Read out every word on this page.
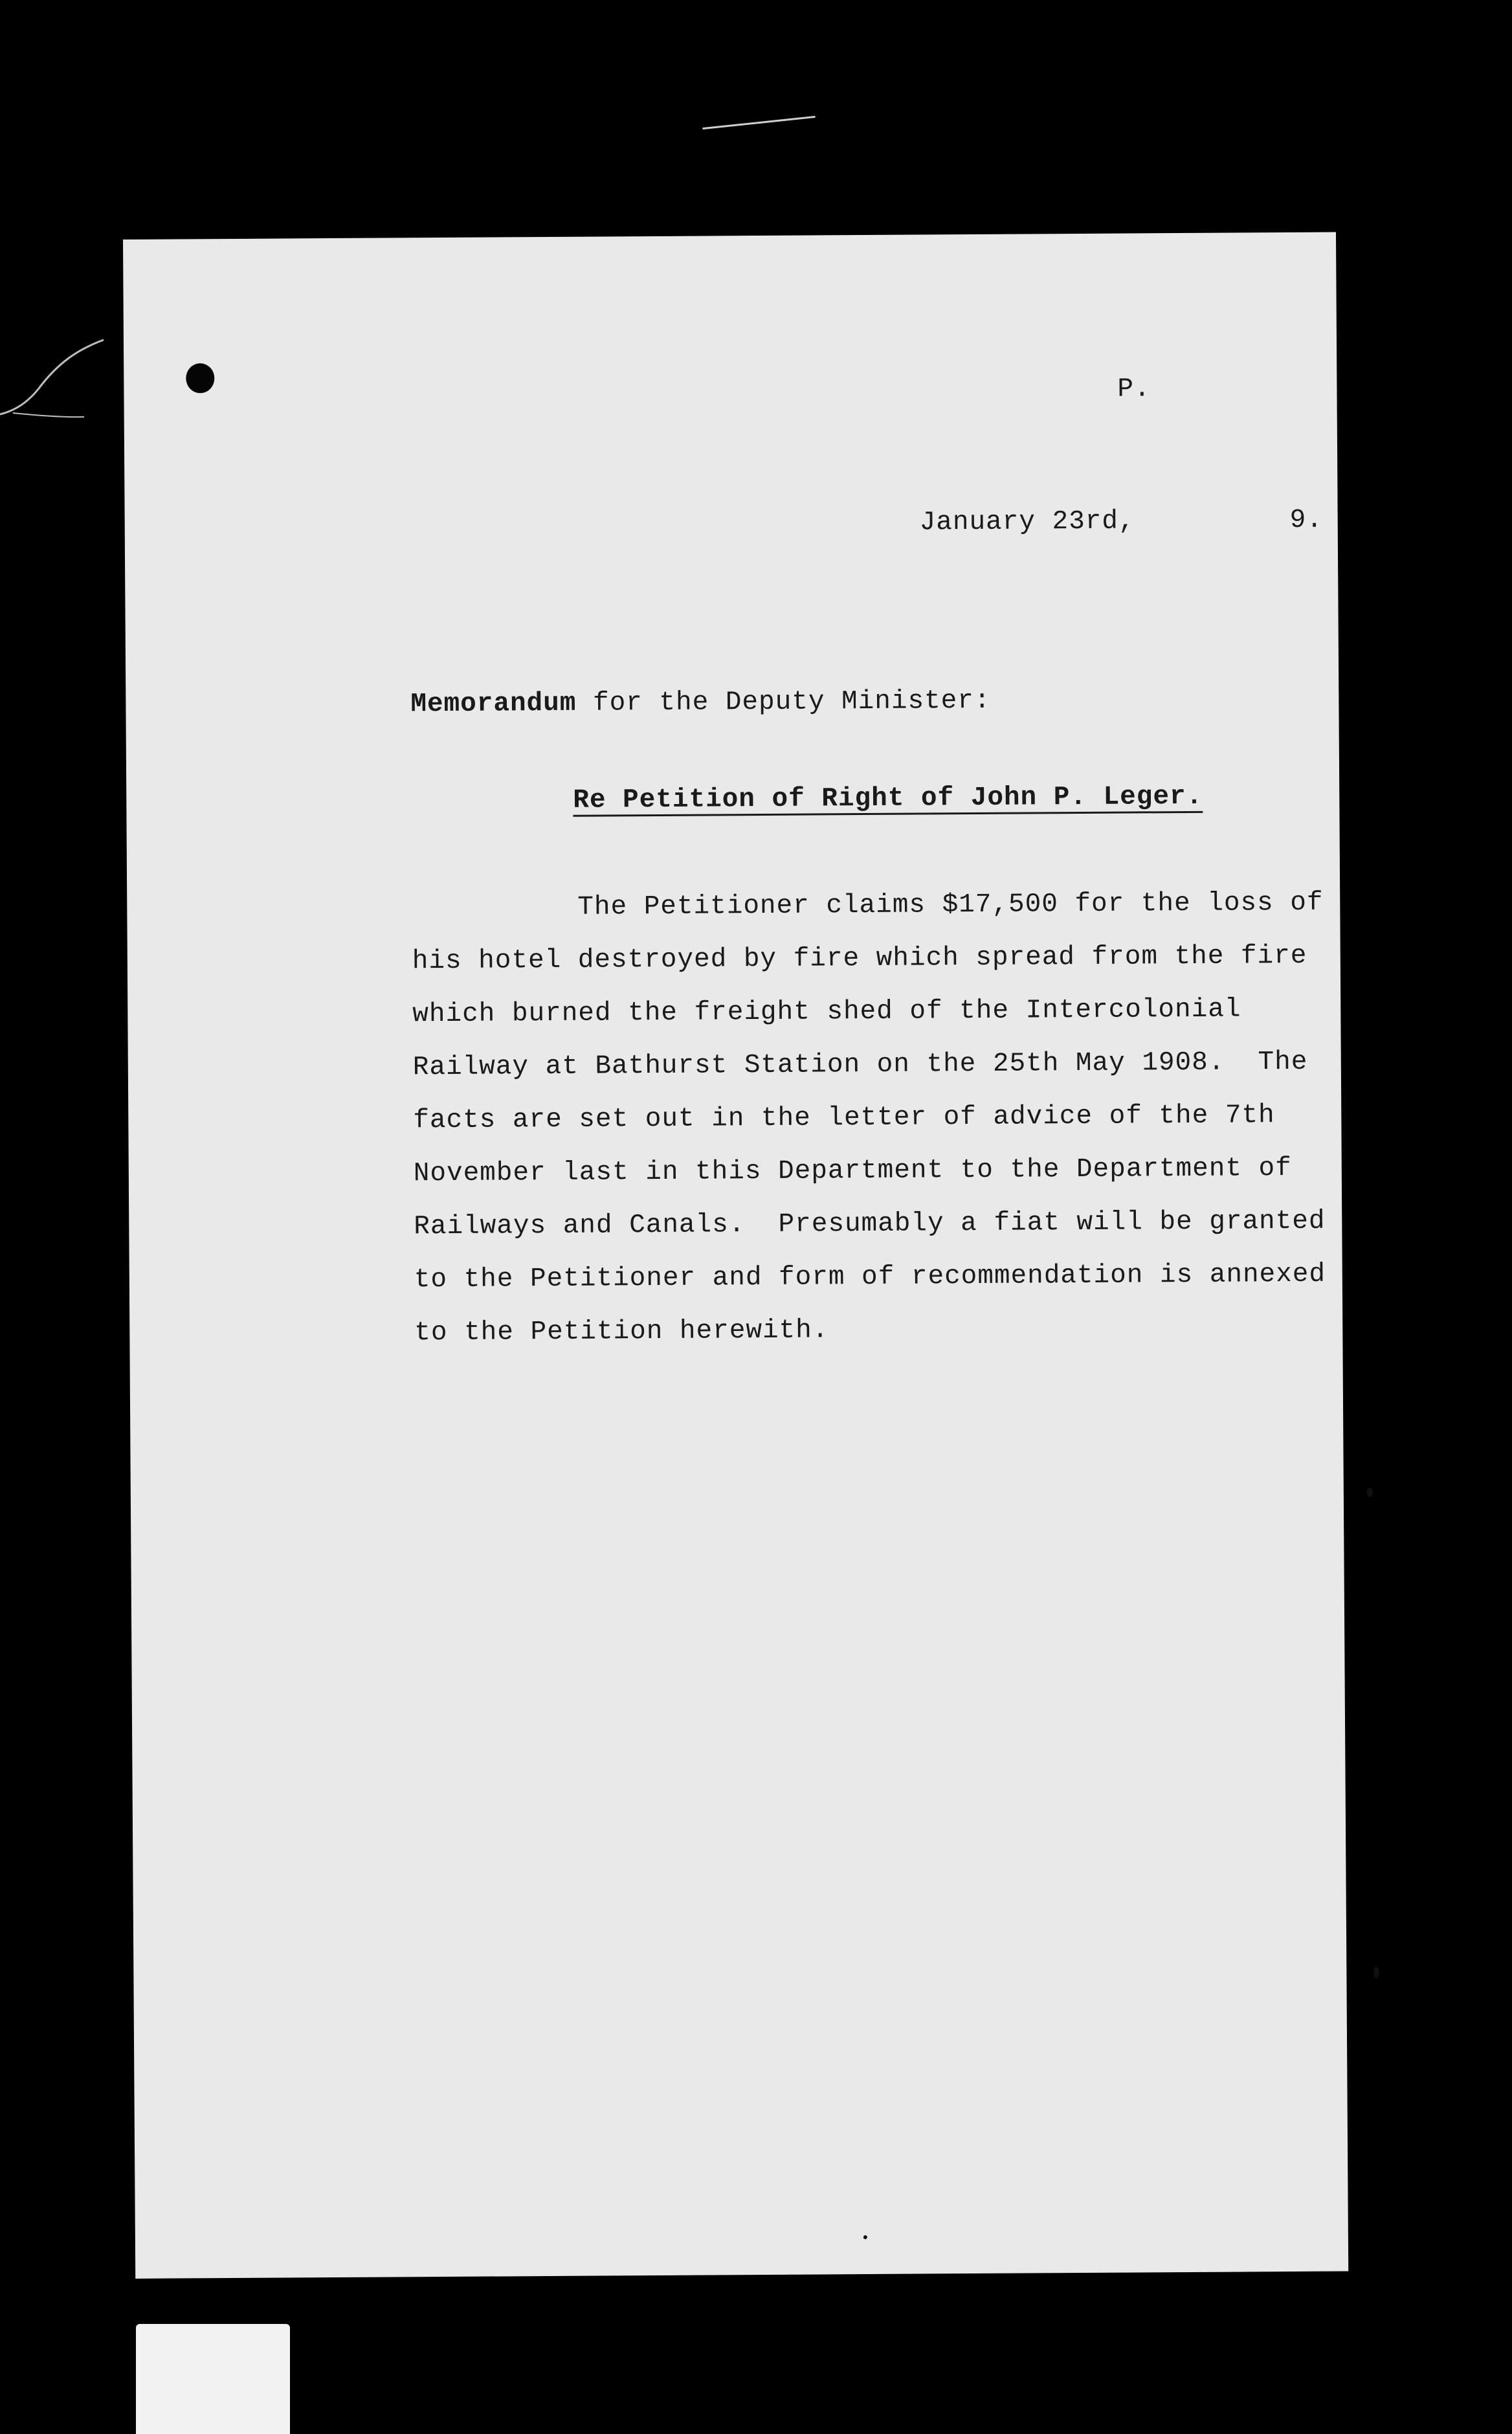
P.
January 23rd,	9.
Memorandum for the Deputy Minister:
Re Petition of Right of John P. Leger.
The Petitioner claims $17,500 for the loss of
his hotel destroyed by fire which spread from the fire
which burned the freight shed of the Intercolonial
Railway at Bathurst Station on the 25th May 1908.  The
facts are set out in the letter of advice of the 7th
November last in this Department to the Department of
Railways and Canals.  Presumably a fiat will be granted
to the Petitioner and form of recommendation is annexed
to the Petition herewith.
